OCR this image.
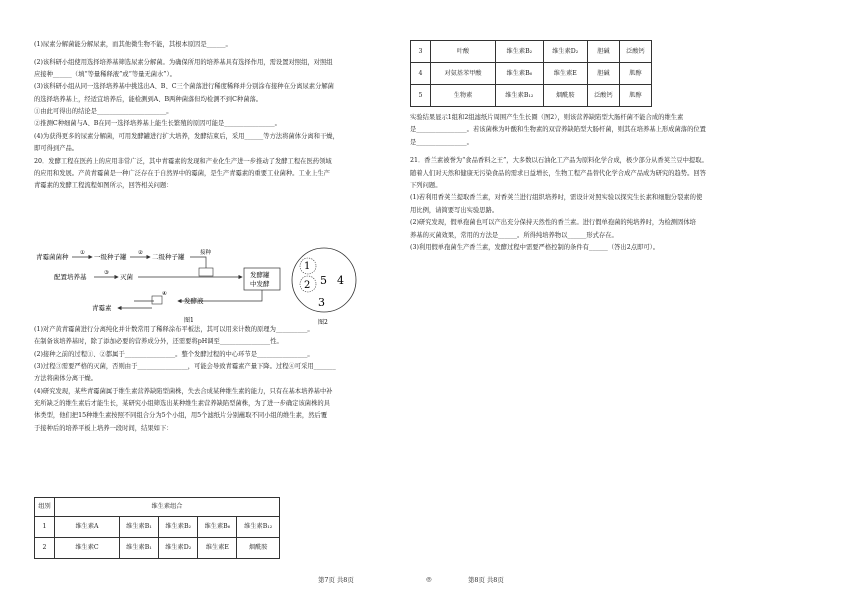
(1)尿素分解菌能分解尿素，而其他微生物不能，其根本原因是______。

(2)该科研小组使用选择培养基筛选尿素分解菌。为确保所用的培养基具有选择作用，需设置对照组，对照组

应接种______（填“等量稀释液”或“等量无菌水”）。

(3)该科研小组从同一选择培养基中挑选出A、B、C三个菌落进行稀度稀释并分别涂布接种在分离尿素分解菌

的选择培养基上，经适宜培养后，能检测到A、B两种菌落但均检测不到C种菌落。

①由此可得出的结论是______________________。

②推测C种细菌与A、B在同一选择培养基上能生长繁殖的原因可能是________________。

(4)为获得更多的尿素分解菌，可用发酵罐进行扩大培养，发酵结束后，采用______等方法将菌体分离和干燥，

即可得到产品。

20．发酵工程在医药上的应用非常广泛，其中青霉素的发现和产业化生产进一步推动了发酵工程在医药领域

的应用和发展。产黄青霉菌是一种广泛存在于自然界中的霉菌，是生产青霉素的重要工业菌种。工业上生产

青霉素的发酵工程流程如图所示，回答相关问题：

青霉菌菌种 ① 一级种子罐 ② 二级种子罐	接种
配置培养基	③ 灭菌	发酵罐
中发酵
发酵液
④
青霉素
图1
1
2
3
4
5
图2

(1)对产黄青霉菌进行分离纯化并计数常用了稀释涂布平板法，其可以用来计数的原理为__________。

在制备该培养基时，除了添加必要的营养成分外，还需要将pH调至________________性。

(2)接种之前的过程①、②都属于________________。整个发酵过程的中心环节是________________。

(3)过程③需要严格的灭菌，否则由于________________，可能会导致青霉素产量下降。过程④可采用_______

方法将菌体分离干燥。

(4)研究发现，某些青霉菌属于维生素营养缺陷型菌株，失去合成某种维生素的能力，只有在基本培养基中补

充所缺乏的维生素后才能生长，某研究小组筛选出某种维生素营养缺陷型菌株，为了进一步确定该菌株的具

体类型，他们把15种维生素按照不同组合分为5个小组，用5个滤纸片分别蘸取不同小组的维生素，然后覆

于接种后的培养平板上培养一段时间，结果如下：

组别	维生素组合				
1	维生素A	维生素B₁	维生素B₂	维生素B₆	维生素B₁₂
2	维生素C	维生素B₁	维生素D₂	维生素E	烟酰胺
3	叶酸	维生素B₂	维生素D₂	胆碱	泛酸钙
4	对氨基苯甲酸	维生素B₆	维生素E	胆碱	肌醇
5	生物素	维生素B₁₂	烟酰胺	泛酸钙	肌醇

实验结果显示1组和2组滤纸片周围产生生长圈（图2），则该营养缺陷型大肠杆菌不能合成的维生素

是________________。若该菌株为叶酸和生物素的双营养缺陷型大肠杆菌，则其在培养基上形成菌落的位置

是________________。

21．香兰素被誉为“食品香料之王”，大多数以石油化工产品为原料化学合成，极少部分从香荚兰豆中提取。

随着人们对天然和健康无污染食品的需求日益增长，生物工程产品替代化学合成产品成为研究的趋势。回答

下列问题。

(1)若利用香荚兰提取香兰素，对香荚兰进行组织培养时，需设计对照实验以探究生长素和细胞分裂素的使

用比例，请简要写出实验思路。

(2)研究发现，假单孢菌也可以产出充分保持天然性的香兰素。进行假单孢菌的纯培养时，为检测固体培

养基的灭菌效果，常用的方法是______。所得纯培养物以______形式存在。

(3)利用假单孢菌生产香兰素，发酵过程中需要严格控制的条件有______（答出2点即可）。

第7页 共8页	◎	第8页 共8页
